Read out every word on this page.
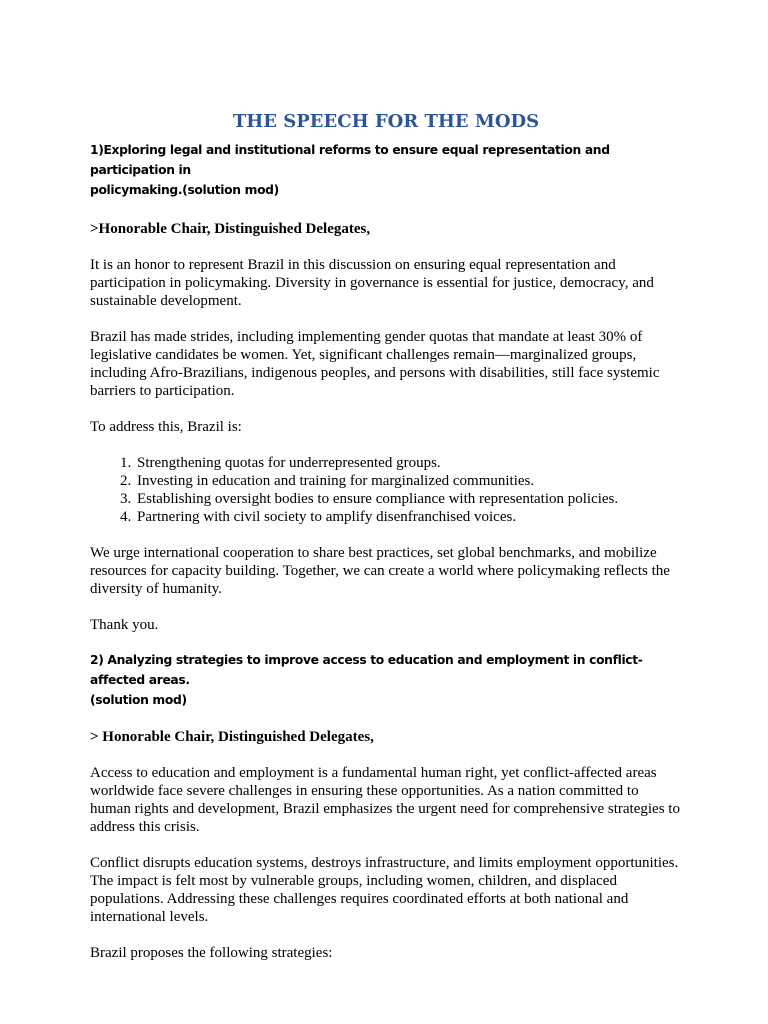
THE SPEECH FOR THE MODS

1)Exploring legal and institutional reforms to ensure equal representation and participation in

policymaking.(solution mod)

>Honorable Chair, Distinguished Delegates,

It is an honor to represent Brazil in this discussion on ensuring equal representation and participation in policymaking. Diversity in governance is essential for justice, democracy, and sustainable development.

Brazil has made strides, including implementing gender quotas that mandate at least 30% of legislative candidates be women. Yet, significant challenges remain—marginalized groups, including Afro-Brazilians, indigenous peoples, and persons with disabilities, still face systemic barriers to participation.

To address this, Brazil is:

1. Strengthening quotas for underrepresented groups.
2. Investing in education and training for marginalized communities.
3. Establishing oversight bodies to ensure compliance with representation policies.
4. Partnering with civil society to amplify disenfranchised voices.

We urge international cooperation to share best practices, set global benchmarks, and mobilize resources for capacity building. Together, we can create a world where policymaking reflects the diversity of humanity.

Thank you.

2) Analyzing strategies to improve access to education and employment in conflict-affected areas.

(solution mod)

> Honorable Chair, Distinguished Delegates,

Access to education and employment is a fundamental human right, yet conflict-affected areas worldwide face severe challenges in ensuring these opportunities. As a nation committed to human rights and development, Brazil emphasizes the urgent need for comprehensive strategies to address this crisis.

Conflict disrupts education systems, destroys infrastructure, and limits employment opportunities. The impact is felt most by vulnerable groups, including women, children, and displaced populations. Addressing these challenges requires coordinated efforts at both national and international levels.

Brazil proposes the following strategies:
